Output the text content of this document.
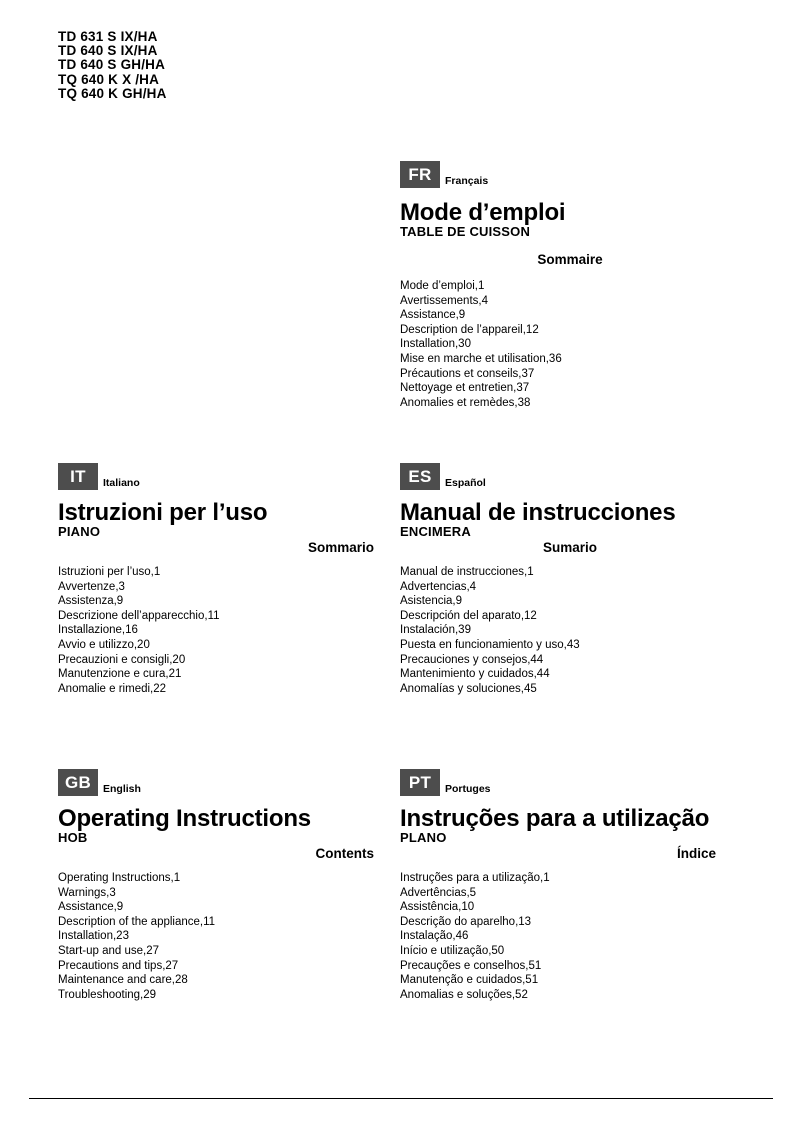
TD 631 S IX/HA
TD 640 S IX/HA
TD 640 S GH/HA
TQ 640 K X /HA
TQ 640 K GH/HA
FR	Français
Mode d’emploi
TABLE DE CUISSON
Sommaire
Mode d’emploi,1
Avertissements,4
Assistance,9
Description de l’appareil,12
Installation,30
Mise en marche et utilisation,36
Précautions et conseils,37
Nettoyage et entretien,37
Anomalies et remèdes,38
IT	Italiano
Istruzioni per l’uso
PIANO
Sommario
Istruzioni per l’uso,1
Avvertenze,3
Assistenza,9
Descrizione dell’apparecchio,11
Installazione,16
Avvio e utilizzo,20
Precauzioni e consigli,20
Manutenzione e cura,21
Anomalie e rimedi,22
ES	Español
Manual de instrucciones
ENCIMERA
Sumario
Manual de instrucciones,1
Advertencias,4
Asistencia,9
Descripción del aparato,12
Instalación,39
Puesta en funcionamiento y uso,43
Precauciones y consejos,44
Mantenimiento y cuidados,44
Anomalías y soluciones,45
GB	English
Operating Instructions
HOB
Contents
Operating Instructions,1
Warnings,3
Assistance,9
Description of the appliance,11
Installation,23
Start-up and use,27
Precautions and tips,27
Maintenance and care,28
Troubleshooting,29
PT	Portuges
Instruções para a utilização
PLANO
Índice
Instruções para a utilização,1
Advertências,5
Assistência,10
Descrição do aparelho,13
Instalação,46
Início e utilização,50
Precauções e conselhos,51
Manutenção e cuidados,51
Anomalias e soluções,52
